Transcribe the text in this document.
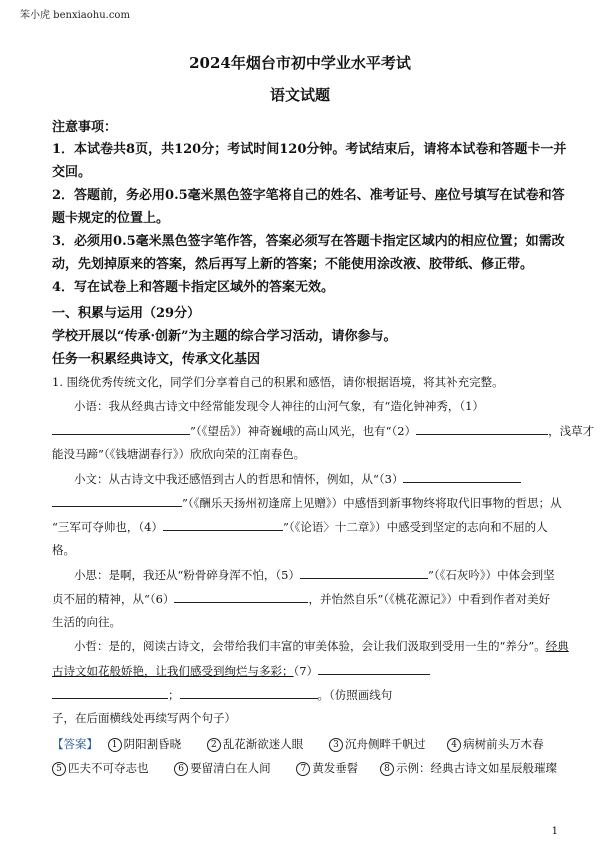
笨小虎 benxiaohu.com
2024年烟台市初中学业水平考试
语文试题
注意事项：
1．本试卷共8页，共120分；考试时间120分钟。考试结束后，请将本试卷和答题卡一并
交回。
2．答题前，务必用0.5毫米黑色签字笔将自己的姓名、准考证号、座位号填写在试卷和答
题卡规定的位置上。
3．必须用0.5毫米黑色签字笔作答，答案必须写在答题卡指定区域内的相应位置；如需改
动，先划掉原来的答案，然后再写上新的答案；不能使用涂改液、胶带纸、修正带。
4．写在试卷上和答题卡指定区域外的答案无效。
一、积累与运用（29分）
学校开展以“传承·创新”为主题的综合学习活动，请你参与。
任务一积累经典诗文，传承文化基因
1. 围绕优秀传统文化，同学们分享着自己的积累和感悟，请你根据语境，将其补充完整。
小语：我从经典古诗文中经常能发现令人神往的山河气象，有“造化钟神秀，（1）
”（《望岳》）神奇巍峨的高山风光，也有“（2）	，浅草才
能没马蹄”（《钱塘湖春行》）欣欣向荣的江南春色。
小文：从古诗文中我还感悟到古人的哲思和情怀，例如，从“（3）
”（《酬乐天扬州初逢席上见赠》）中感悟到新事物终将取代旧事物的哲思；从
“三军可夺帅也，（4）	”（《论语〉十二章》）中感受到坚定的志向和不屈的人
格。
小思：是啊，我还从“粉骨碎身浑不怕，（5）	”（《石灰吟》）中体会到坚
贞不屈的精神，从“（6）	，并怡然自乐”（《桃花源记》）中看到作者对美好
生活的向往。
小哲：是的，阅读古诗文，会带给我们丰富的审美体验，会让我们汲取到受用一生的“养分”。经典
古诗文如花般娇艳，让我们感受到绚烂与多彩；（7）
；	。（仿照画线句
子，在后面横线处再续写两个句子）
【答案】 1 阴阳割昏晓	2 乱花渐欲迷人眼	3 沉舟侧畔千帆过	4 病树前头万木春
5 匹夫不可夺志也	6 要留清白在人间	7 黄发垂髫	8 示例：经典古诗文如星辰般璀璨
1
